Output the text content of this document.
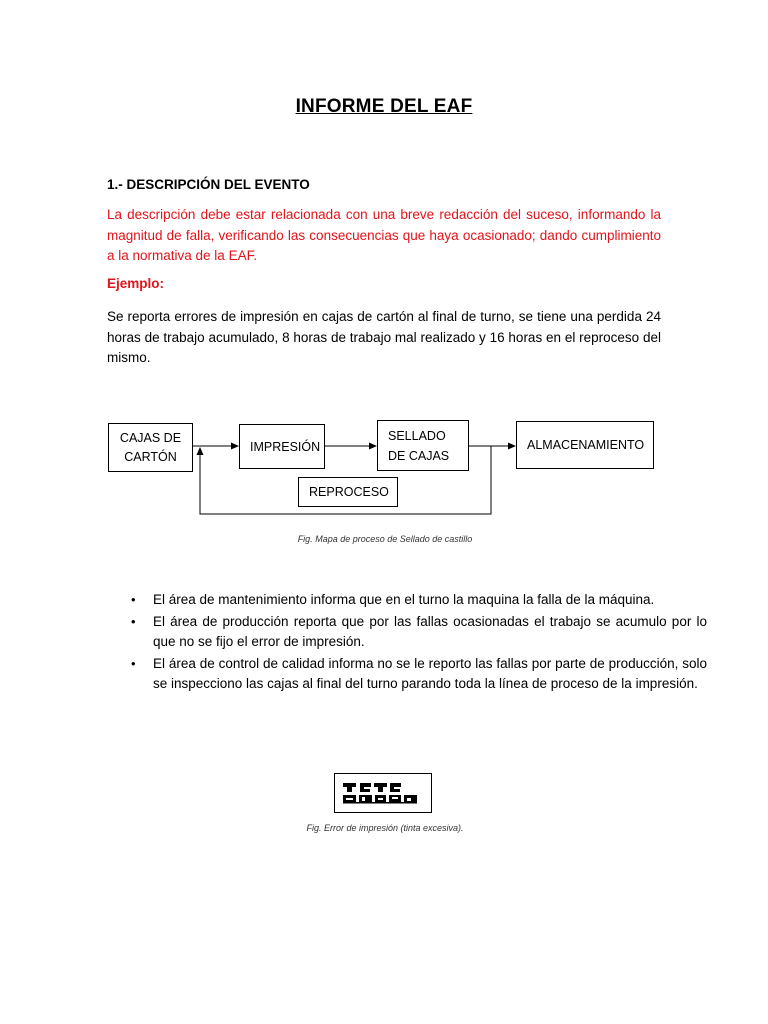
INFORME DEL EAF
1.- DESCRIPCIÓN DEL EVENTO
La descripción debe estar relacionada con una breve redacción del suceso, informando la magnitud de falla, verificando las consecuencias que haya ocasionado; dando cumplimiento a la normativa de la EAF.
Ejemplo:
Se reporta errores de impresión en cajas de cartón al final de turno, se tiene una perdida 24 horas de trabajo acumulado, 8 horas de trabajo mal realizado y 16 horas en el reproceso del mismo.
CAJAS DE
CARTÓN
IMPRESIÓN
SELLADO
DE CAJAS
ALMACENAMIENTO
REPROCESO
Fig. Mapa de proceso de Sellado de castillo
• El área de mantenimiento informa que en el turno la maquina la falla de la máquina.
• El área de producción reporta que por las fallas ocasionadas el trabajo se acumulo por lo que no se fijo el error de impresión.
• El área de control de calidad informa no se le reporto las fallas por parte de producción, solo se inspecciono las cajas al final del turno parando toda la línea de proceso de la impresión.
Fig. Error de impresión (tinta excesiva).
